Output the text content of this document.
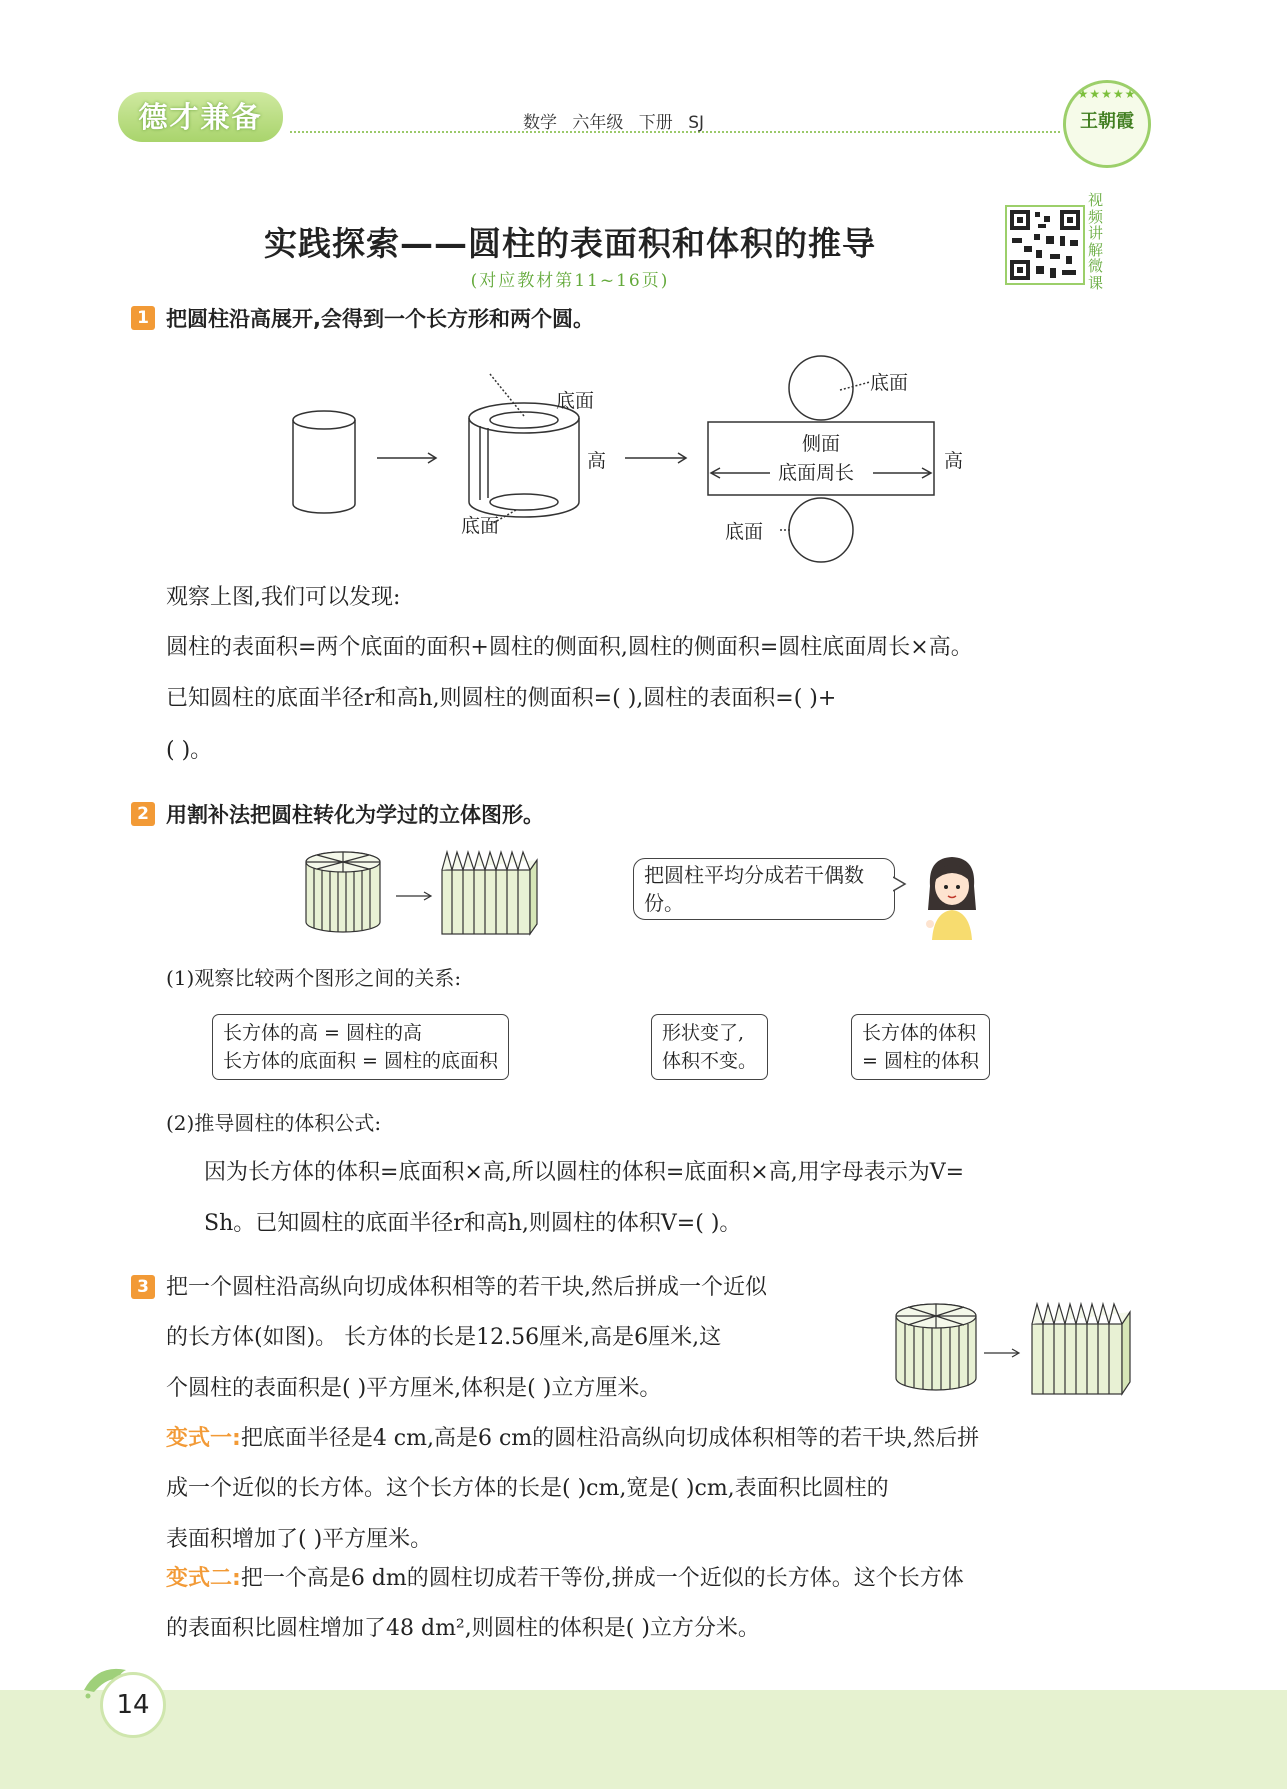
德才兼备	数学 六年级 下册 SJ
★★★★★
王朝霞
实践探索——圆柱的表面积和体积的推导
(对应教材第11~16页)
视频讲解微课
1 把圆柱沿高展开,会得到一个长方形和两个圆。
底面
高
底面
底面
侧面
底面周长
高
底面
观察上图,我们可以发现:
圆柱的表面积=两个底面的面积+圆柱的侧面积,圆柱的侧面积=圆柱底面周长×高。
已知圆柱的底面半径r和高h,则圆柱的侧面积=( ),圆柱的表面积=( )+
( )。
2 用割补法把圆柱转化为学过的立体图形。
把圆柱平均分成若干偶数份。
(1)观察比较两个图形之间的关系:
长方体的高 = 圆柱的高
长方体的底面积 = 圆柱的底面积
形状变了,
体积不变。
长方体的体积
= 圆柱的体积
(2)推导圆柱的体积公式:
因为长方体的体积=底面积×高,所以圆柱的体积=底面积×高,用字母表示为V=
Sh。已知圆柱的底面半径r和高h,则圆柱的体积V=( )。
3 把一个圆柱沿高纵向切成体积相等的若干块,然后拼成一个近似
的长方体(如图)。 长方体的长是12.56厘米,高是6厘米,这
个圆柱的表面积是( )平方厘米,体积是( )立方厘米。
变式一:把底面半径是4 cm,高是6 cm的圆柱沿高纵向切成体积相等的若干块,然后拼
成一个近似的长方体。这个长方体的长是( )cm,宽是( )cm,表面积比圆柱的
表面积增加了( )平方厘米。
变式二:把一个高是6 dm的圆柱切成若干等份,拼成一个近似的长方体。这个长方体
的表面积比圆柱增加了48 dm²,则圆柱的体积是( )立方分米。
14
